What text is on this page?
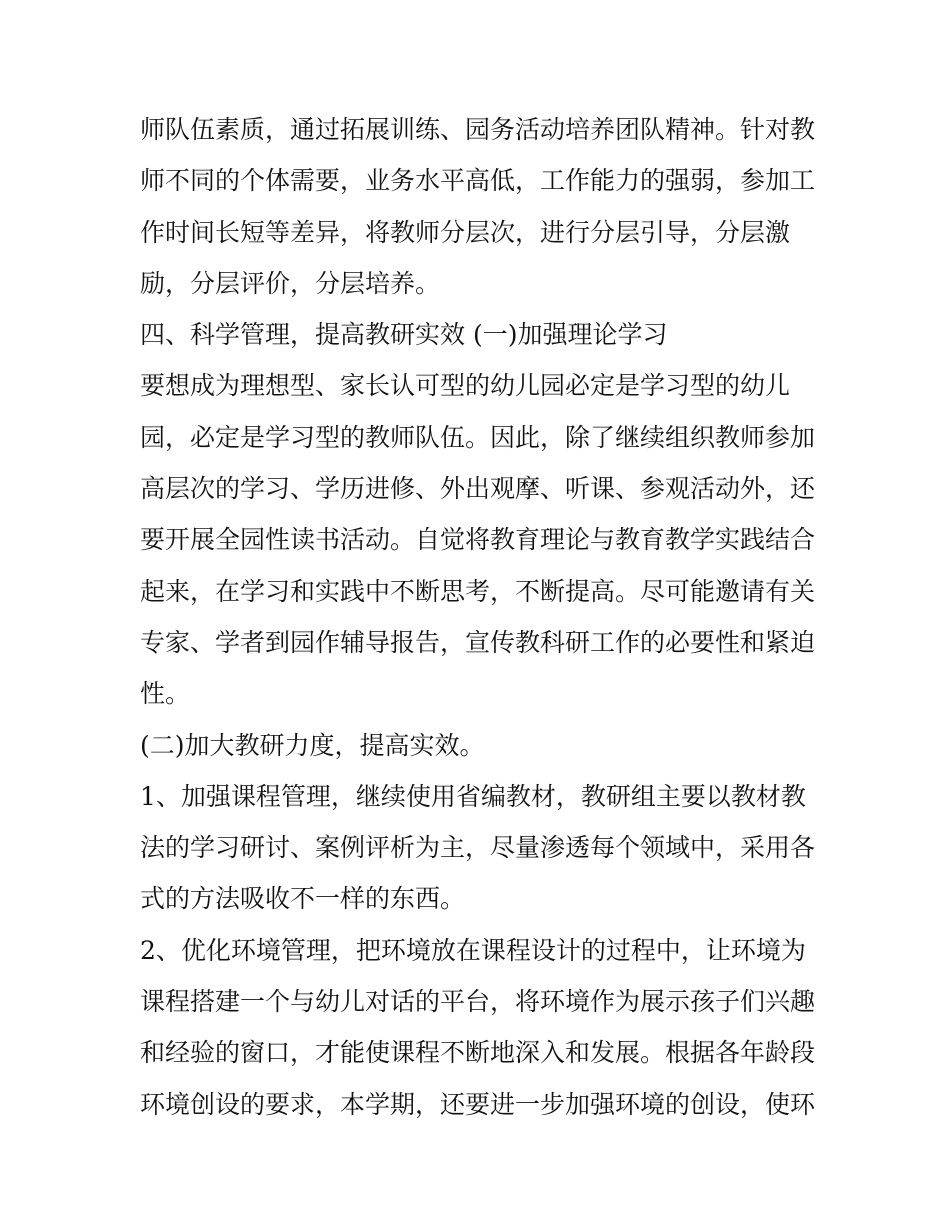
师队伍素质，通过拓展训练、园务活动培养团队精神。针对教
师不同的个体需要，业务水平高低，工作能力的强弱，参加工
作时间长短等差异，将教师分层次，进行分层引导，分层激
励，分层评价，分层培养。
四、科学管理，提高教研实效 (一)加强理论学习
要想成为理想型、家长认可型的幼儿园必定是学习型的幼儿
园，必定是学习型的教师队伍。因此，除了继续组织教师参加
高层次的学习、学历进修、外出观摩、听课、参观活动外，还
要开展全园性读书活动。自觉将教育理论与教育教学实践结合
起来，在学习和实践中不断思考，不断提高。尽可能邀请有关
专家、学者到园作辅导报告，宣传教科研工作的必要性和紧迫
性。
(二)加大教研力度，提高实效。
1、加强课程管理，继续使用省编教材，教研组主要以教材教
法的学习研讨、案例评析为主，尽量渗透每个领域中，采用各
式的方法吸收不一样的东西。
2、优化环境管理，把环境放在课程设计的过程中，让环境为
课程搭建一个与幼儿对话的平台，将环境作为展示孩子们兴趣
和经验的窗口，才能使课程不断地深入和发展。根据各年龄段
环境创设的要求，本学期，还要进一步加强环境的创设，使环
